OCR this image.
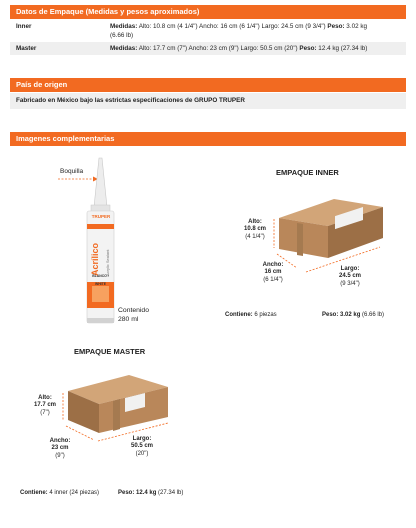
Datos de Empaque (Medidas y pesos aproximados)
Inner	Medidas: Alto: 10.8 cm (4 1/4") Ancho: 16 cm (6 1/4") Largo: 24.5 cm (9 3/4") Peso: 3.02 kg
(6.66 lb)
Master	Medidas: Alto: 17.7 cm (7") Ancho: 23 cm (9") Largo: 50.5 cm (20") Peso: 12.4 kg (27.34 lb)
País de origen
Fabricado en México bajo las estrictas especificaciones de GRUPO TRUPER
Imagenes complementarias
Boquilla
TRUPER
Acrílico	Acrylic Sealant
BLANCO / WHITE
Contenido
280 ml
EMPAQUE INNER
Alto:
10.8 cm
(4 1/4")
Ancho:
16 cm
(6 1/4")
Largo:
24.5 cm
(9 3/4")
Contiene: 6 piezas	Peso: 3.02 kg (6.66 lb)
EMPAQUE MASTER
Alto:
17.7 cm
(7")
Ancho:
23 cm
(9")
Largo:
50.5 cm
(20")
Contiene: 4 inner (24 piezas)	Peso: 12.4 kg (27.34 lb)
